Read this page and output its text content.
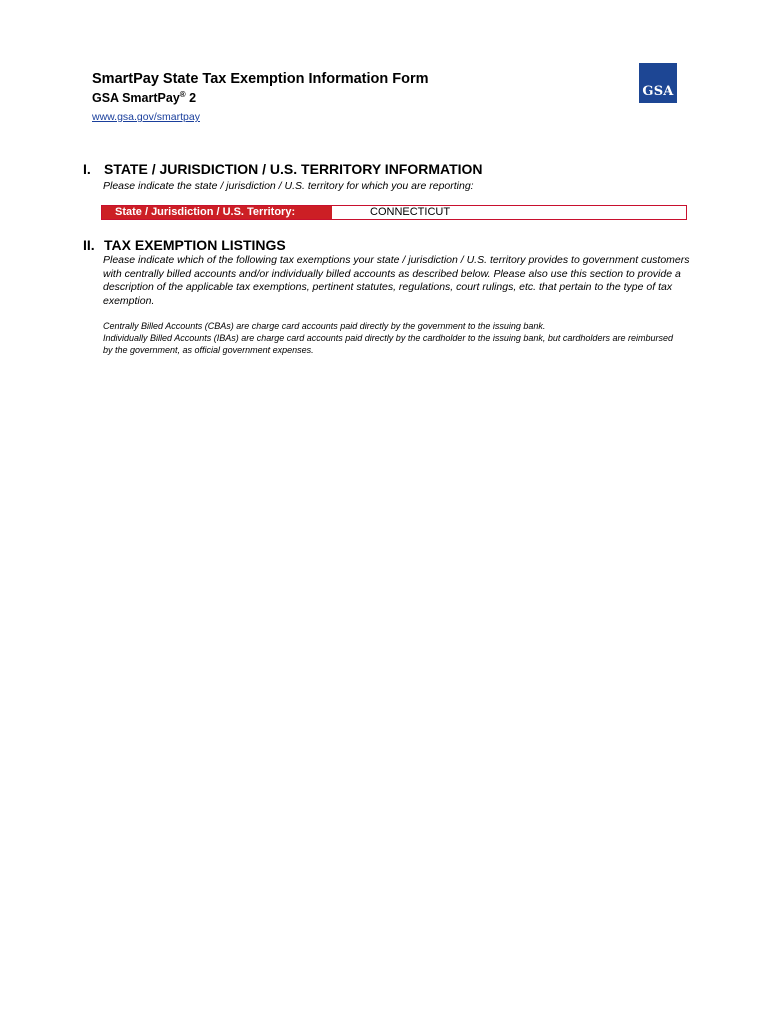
SmartPay State Tax Exemption Information Form
GSA SmartPay® 2
www.gsa.gov/smartpay
GSA
I. STATE / JURISDICTION / U.S. TERRITORY INFORMATION
Please indicate the state / jurisdiction / U.S. territory for which you are reporting:
State / Jurisdiction / U.S. Territory:	CONNECTICUT
II. TAX EXEMPTION LISTINGS
Please indicate which of the following tax exemptions your state / jurisdiction / U.S. territory provides to government customers with centrally billed accounts and/or individually billed accounts as described below. Please also use this section to provide a description of the applicable tax exemptions, pertinent statutes, regulations, court rulings, etc. that pertain to the type of tax exemption.

Centrally Billed Accounts (CBAs) are charge card accounts paid directly by the government to the issuing bank.

Individually Billed Accounts (IBAs) are charge card accounts paid directly by the cardholder to the issuing bank, but cardholders are reimbursed by the government, as official government expenses.
